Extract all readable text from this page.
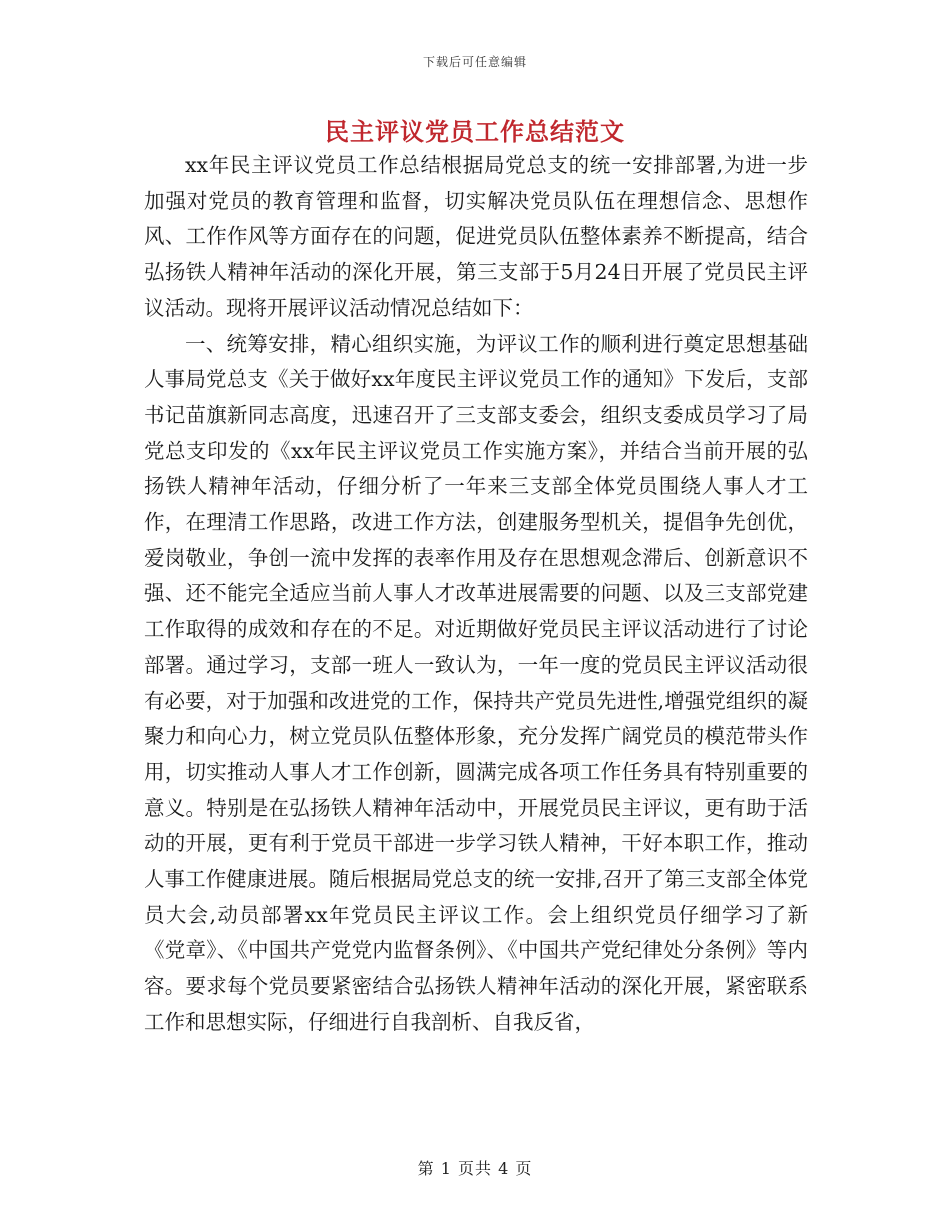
下载后可任意编辑
民主评议党员工作总结范文

xx年民主评议党员工作总结根据局党总支的统一安排部署,为进一步加强对党员的教育管理和监督，切实解决党员队伍在理想信念、思想作风、工作作风等方面存在的问题，促进党员队伍整体素养不断提高，结合弘扬铁人精神年活动的深化开展，第三支部于5月24日开展了党员民主评议活动。现将开展评议活动情况总结如下：

一、统筹安排，精心组织实施，为评议工作的顺利进行奠定思想基础人事局党总支《关于做好xx年度民主评议党员工作的通知》下发后，支部书记苗旗新同志高度，迅速召开了三支部支委会，组织支委成员学习了局党总支印发的《xx年民主评议党员工作实施方案》，并结合当前开展的弘扬铁人精神年活动，仔细分析了一年来三支部全体党员围绕人事人才工作，在理清工作思路，改进工作方法，创建服务型机关，提倡争先创优，爱岗敬业，争创一流中发挥的表率作用及存在思想观念滞后、创新意识不强、还不能完全适应当前人事人才改革进展需要的问题、以及三支部党建工作取得的成效和存在的不足。对近期做好党员民主评议活动进行了讨论部署。通过学习，支部一班人一致认为，一年一度的党员民主评议活动很有必要，对于加强和改进党的工作，保持共产党员先进性,增强党组织的凝聚力和向心力，树立党员队伍整体形象，充分发挥广阔党员的模范带头作用，切实推动人事人才工作创新，圆满完成各项工作任务具有特别重要的意义。特别是在弘扬铁人精神年活动中，开展党员民主评议，更有助于活动的开展，更有利于党员干部进一步学习铁人精神，干好本职工作，推动人事工作健康进展。随后根据局党总支的统一安排,召开了第三支部全体党员大会,动员部署xx年党员民主评议工作。会上组织党员仔细学习了新《党章》、《中国共产党党内监督条例》、《中国共产党纪律处分条例》等内容。要求每个党员要紧密结合弘扬铁人精神年活动的深化开展，紧密联系工作和思想实际，仔细进行自我剖析、自我反省，

第 1 页共 4 页
